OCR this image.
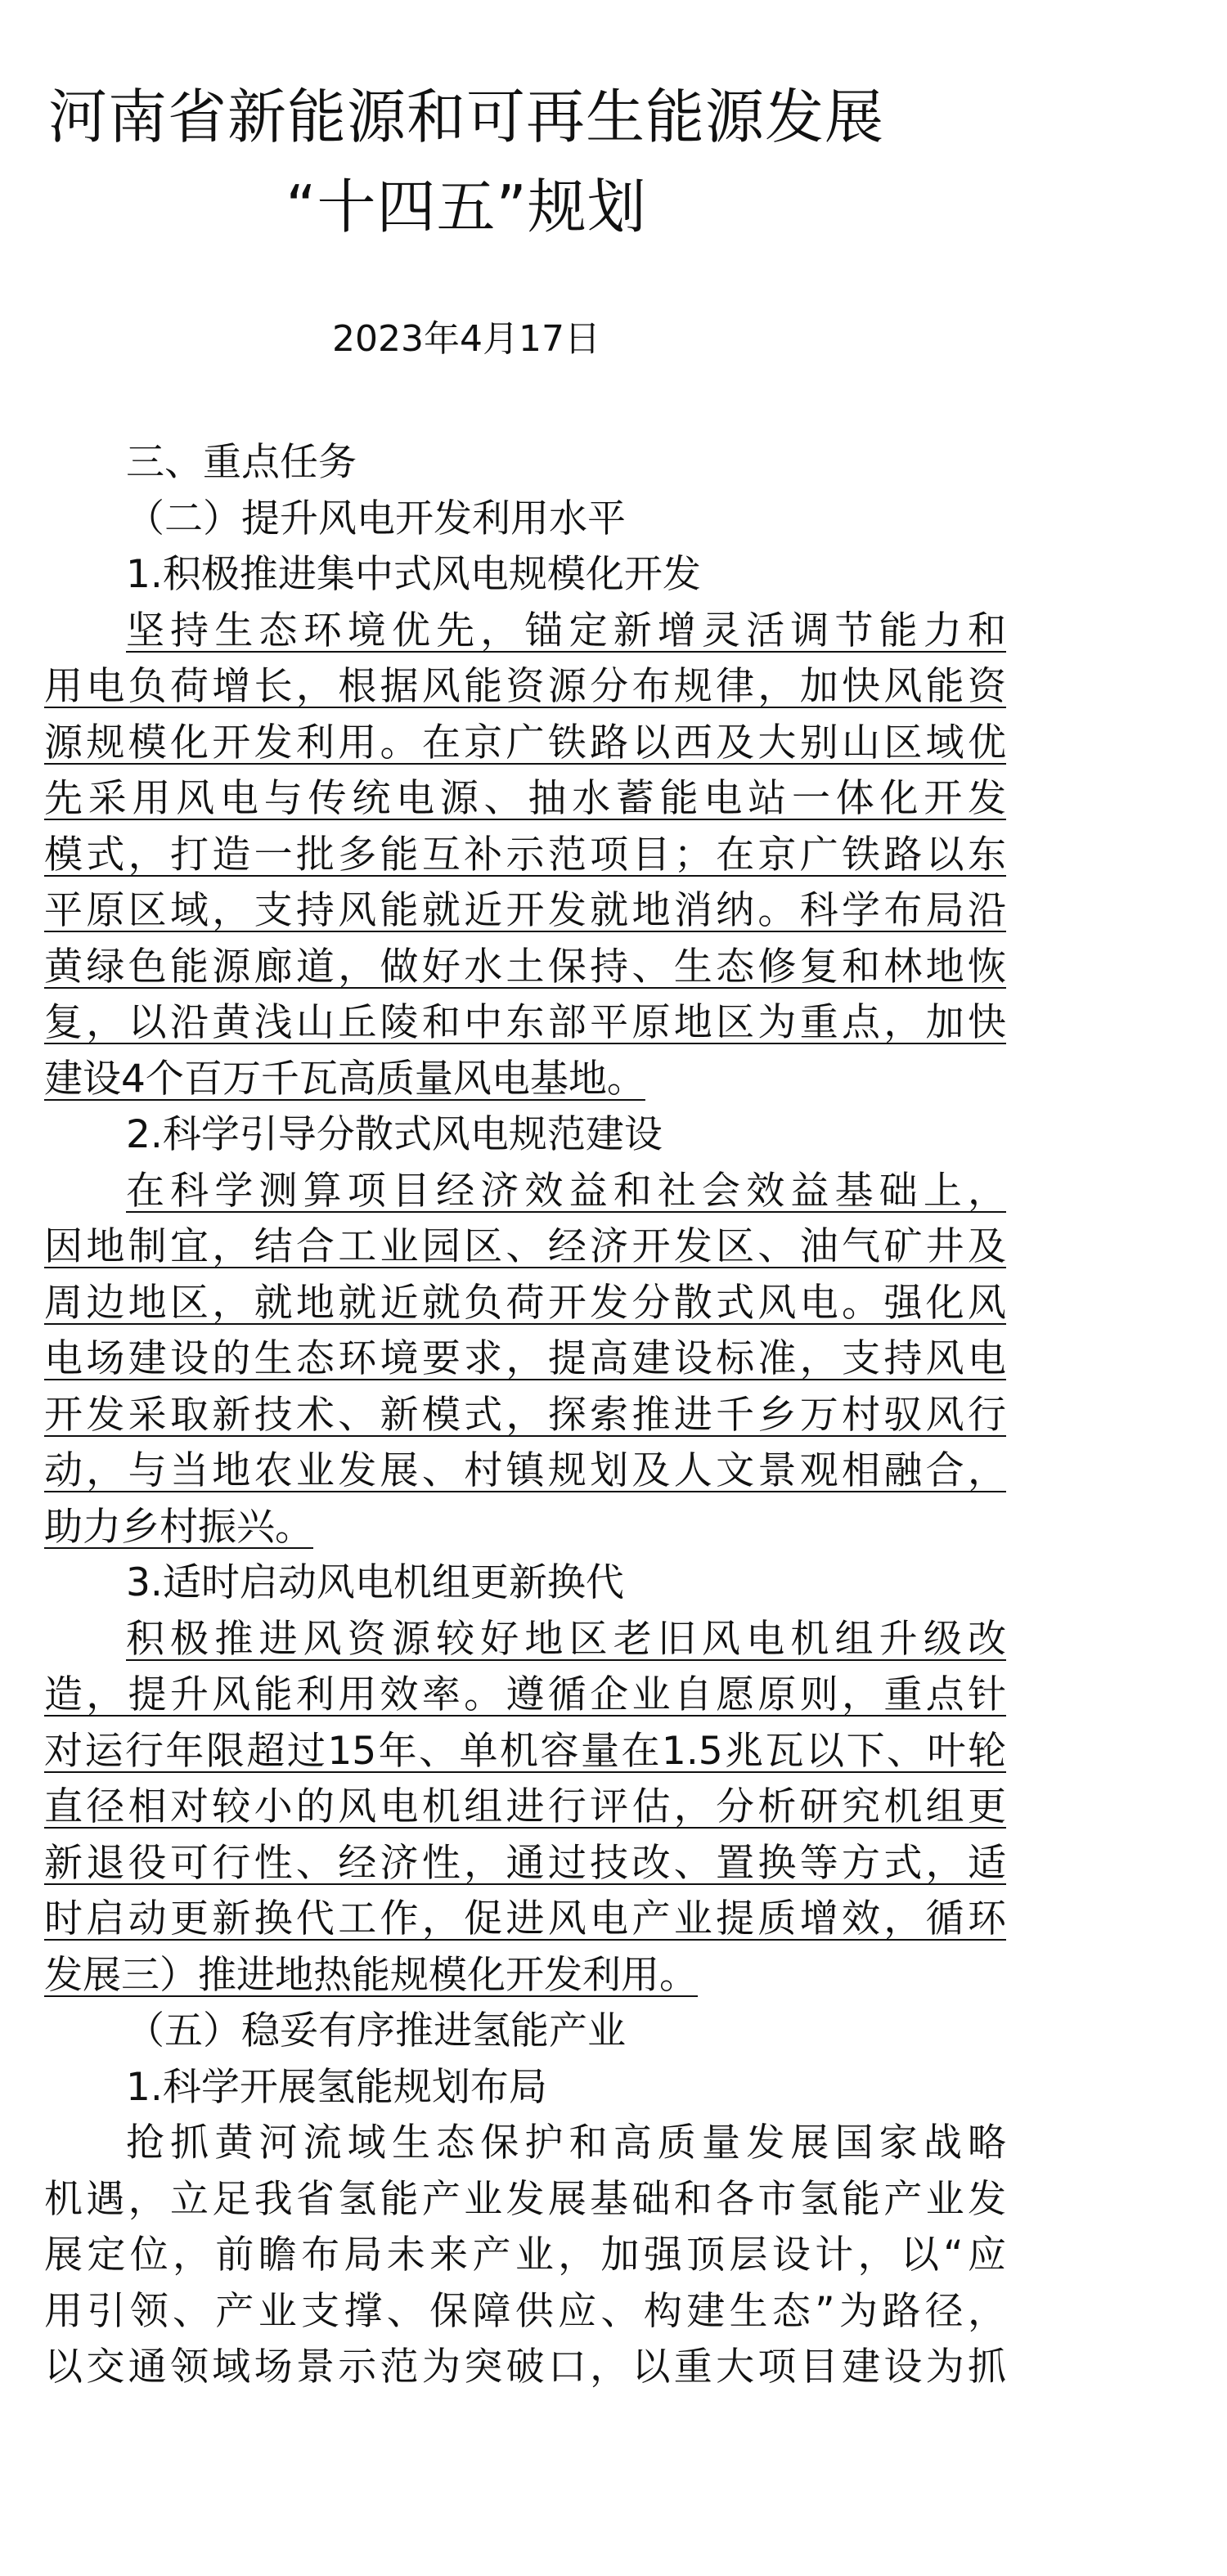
河南省新能源和可再生能源发展
“十四五”规划
2023年4月17日
三、重点任务
（二）提升风电开发利用水平
1.积极推进集中式风电规模化开发
坚持生态环境优先，锚定新增灵活调节能力和
用电负荷增长，根据风能资源分布规律，加快风能资
源规模化开发利用。在京广铁路以西及大别山区域优
先采用风电与传统电源、抽水蓄能电站一体化开发
模式，打造一批多能互补示范项目；在京广铁路以东
平原区域，支持风能就近开发就地消纳。科学布局沿
黄绿色能源廊道，做好水土保持、生态修复和林地恢
复，以沿黄浅山丘陵和中东部平原地区为重点，加快
建设4个百万千瓦高质量风电基地。
2.科学引导分散式风电规范建设
在科学测算项目经济效益和社会效益基础上，
因地制宜，结合工业园区、经济开发区、油气矿井及
周边地区，就地就近就负荷开发分散式风电。强化风
电场建设的生态环境要求，提高建设标准，支持风电
开发采取新技术、新模式，探索推进千乡万村驭风行
动，与当地农业发展、村镇规划及人文景观相融合，
助力乡村振兴。
3.适时启动风电机组更新换代
积极推进风资源较好地区老旧风电机组升级改
造，提升风能利用效率。遵循企业自愿原则，重点针
对运行年限超过15年、单机容量在1.5兆瓦以下、叶轮
直径相对较小的风电机组进行评估，分析研究机组更
新退役可行性、经济性，通过技改、置换等方式，适
时启动更新换代工作，促进风电产业提质增效，循环
发展三）推进地热能规模化开发利用。
（五）稳妥有序推进氢能产业
1.科学开展氢能规划布局
抢抓黄河流域生态保护和高质量发展国家战略
机遇，立足我省氢能产业发展基础和各市氢能产业发
展定位，前瞻布局未来产业，加强顶层设计，以“应
用引领、产业支撑、保障供应、构建生态”为路径，
以交通领域场景示范为突破口，以重大项目建设为抓
